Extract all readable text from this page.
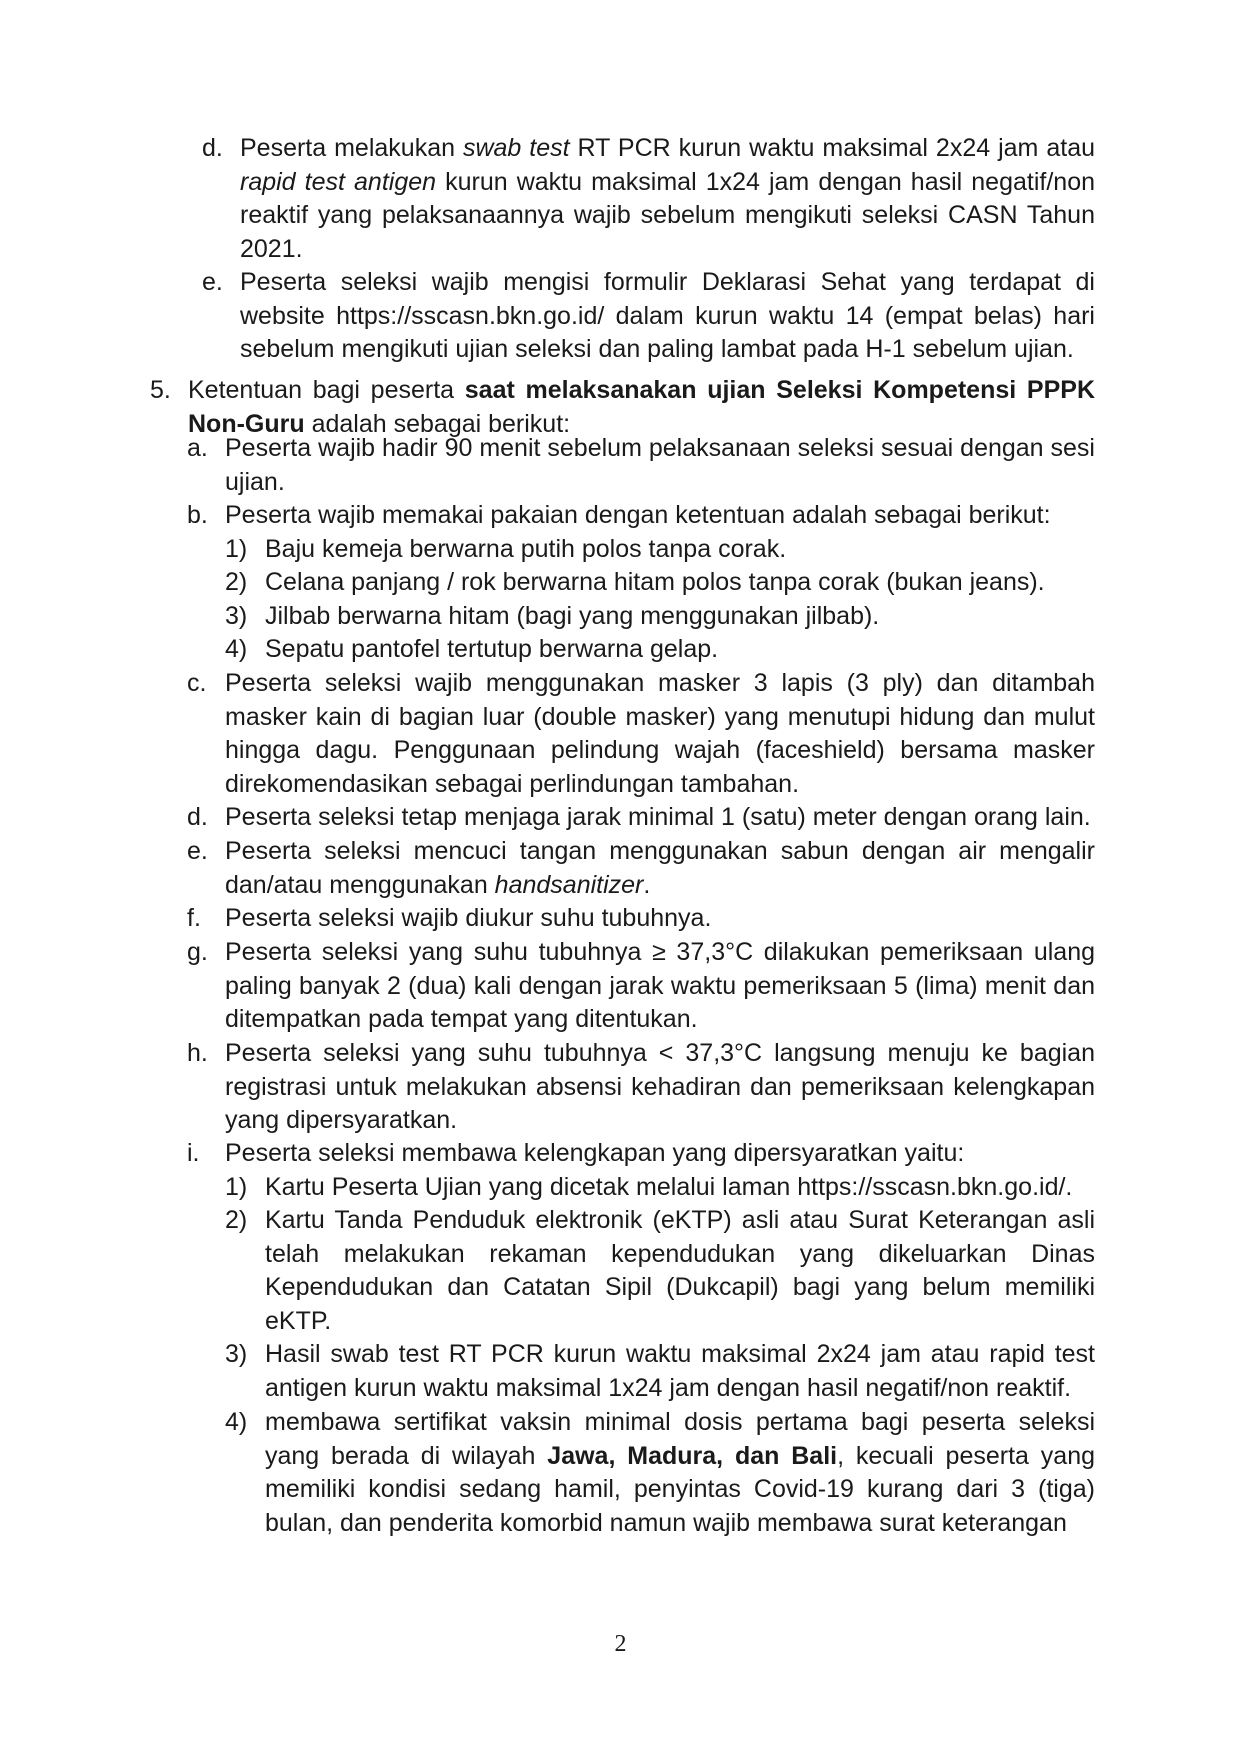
d. Peserta melakukan swab test RT PCR kurun waktu maksimal 2x24 jam atau rapid test antigen kurun waktu maksimal 1x24 jam dengan hasil negatif/non reaktif yang pelaksanaannya wajib sebelum mengikuti seleksi CASN Tahun 2021.
e. Peserta seleksi wajib mengisi formulir Deklarasi Sehat yang terdapat di website https://sscasn.bkn.go.id/ dalam kurun waktu 14 (empat belas) hari sebelum mengikuti ujian seleksi dan paling lambat pada H-1 sebelum ujian.
5. Ketentuan bagi peserta saat melaksanakan ujian Seleksi Kompetensi PPPK Non-Guru adalah sebagai berikut:
a. Peserta wajib hadir 90 menit sebelum pelaksanaan seleksi sesuai dengan sesi ujian.
b. Peserta wajib memakai pakaian dengan ketentuan adalah sebagai berikut:
1) Baju kemeja berwarna putih polos tanpa corak.
2) Celana panjang / rok berwarna hitam polos tanpa corak (bukan jeans).
3) Jilbab berwarna hitam (bagi yang menggunakan jilbab).
4) Sepatu pantofel tertutup berwarna gelap.
c. Peserta seleksi wajib menggunakan masker 3 lapis (3 ply) dan ditambah masker kain di bagian luar (double masker) yang menutupi hidung dan mulut hingga dagu. Penggunaan pelindung wajah (faceshield) bersama masker direkomendasikan sebagai perlindungan tambahan.
d. Peserta seleksi tetap menjaga jarak minimal 1 (satu) meter dengan orang lain.
e. Peserta seleksi mencuci tangan menggunakan sabun dengan air mengalir dan/atau menggunakan handsanitizer.
f. Peserta seleksi wajib diukur suhu tubuhnya.
g. Peserta seleksi yang suhu tubuhnya ≥ 37,3°C dilakukan pemeriksaan ulang paling banyak 2 (dua) kali dengan jarak waktu pemeriksaan 5 (lima) menit dan ditempatkan pada tempat yang ditentukan.
h. Peserta seleksi yang suhu tubuhnya < 37,3°C langsung menuju ke bagian registrasi untuk melakukan absensi kehadiran dan pemeriksaan kelengkapan yang dipersyaratkan.
i. Peserta seleksi membawa kelengkapan yang dipersyaratkan yaitu:
1) Kartu Peserta Ujian yang dicetak melalui laman https://sscasn.bkn.go.id/.
2) Kartu Tanda Penduduk elektronik (eKTP) asli atau Surat Keterangan asli telah melakukan rekaman kependudukan yang dikeluarkan Dinas Kependudukan dan Catatan Sipil (Dukcapil) bagi yang belum memiliki eKTP.
3) Hasil swab test RT PCR kurun waktu maksimal 2x24 jam atau rapid test antigen kurun waktu maksimal 1x24 jam dengan hasil negatif/non reaktif.
4) membawa sertifikat vaksin minimal dosis pertama bagi peserta seleksi yang berada di wilayah Jawa, Madura, dan Bali, kecuali peserta yang memiliki kondisi sedang hamil, penyintas Covid-19 kurang dari 3 (tiga) bulan, dan penderita komorbid namun wajib membawa surat keterangan
2
